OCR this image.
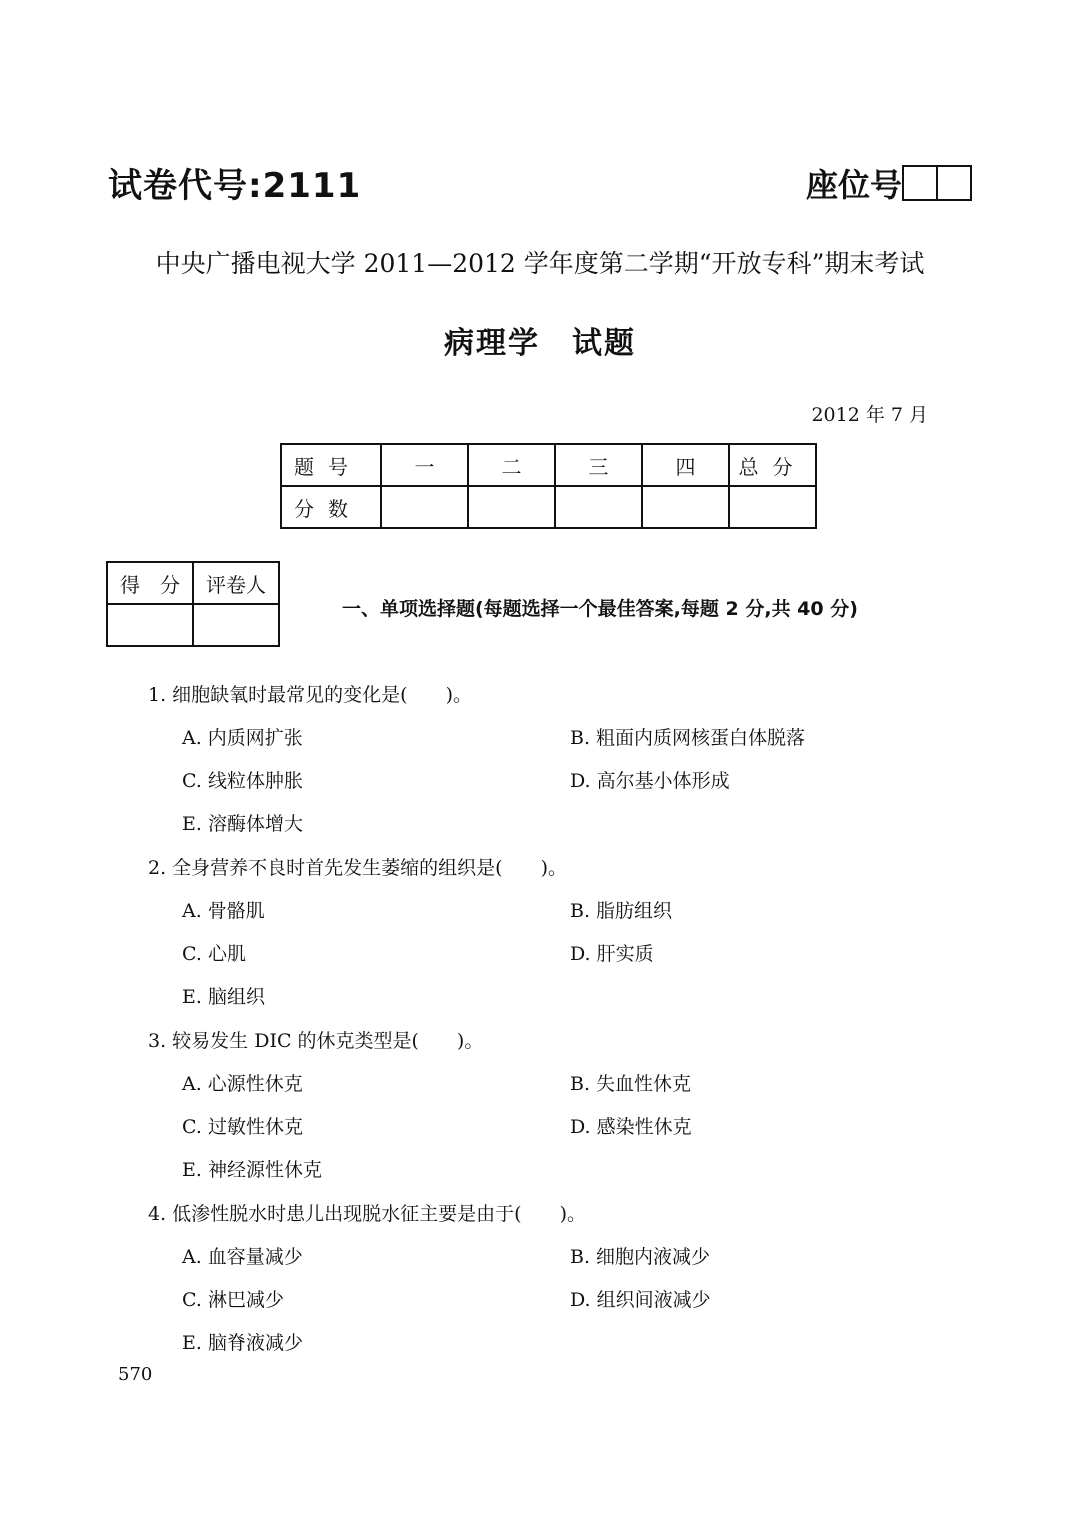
试卷代号:2111	座位号
中央广播电视大学 2011—2012 学年度第二学期“开放专科”期末考试
病理学　试题
2012 年 7 月
题号	一	二	三	四	总分
分数					
得　分	评卷人

一、单项选择题(每题选择一个最佳答案,每题 2 分,共 40 分)
1. 细胞缺氧时最常见的变化是(　　)。
A. 内质网扩张	B. 粗面内质网核蛋白体脱落
C. 线粒体肿胀	D. 高尔基小体形成
E. 溶酶体增大
2. 全身营养不良时首先发生萎缩的组织是(　　)。
A. 骨骼肌	B. 脂肪组织
C. 心肌	D. 肝实质
E. 脑组织
3. 较易发生 DIC 的休克类型是(　　)。
A. 心源性休克	B. 失血性休克
C. 过敏性休克	D. 感染性休克
E. 神经源性休克
4. 低渗性脱水时患儿出现脱水征主要是由于(　　)。
A. 血容量减少	B. 细胞内液减少
C. 淋巴减少	D. 组织间液减少
E. 脑脊液减少
570
